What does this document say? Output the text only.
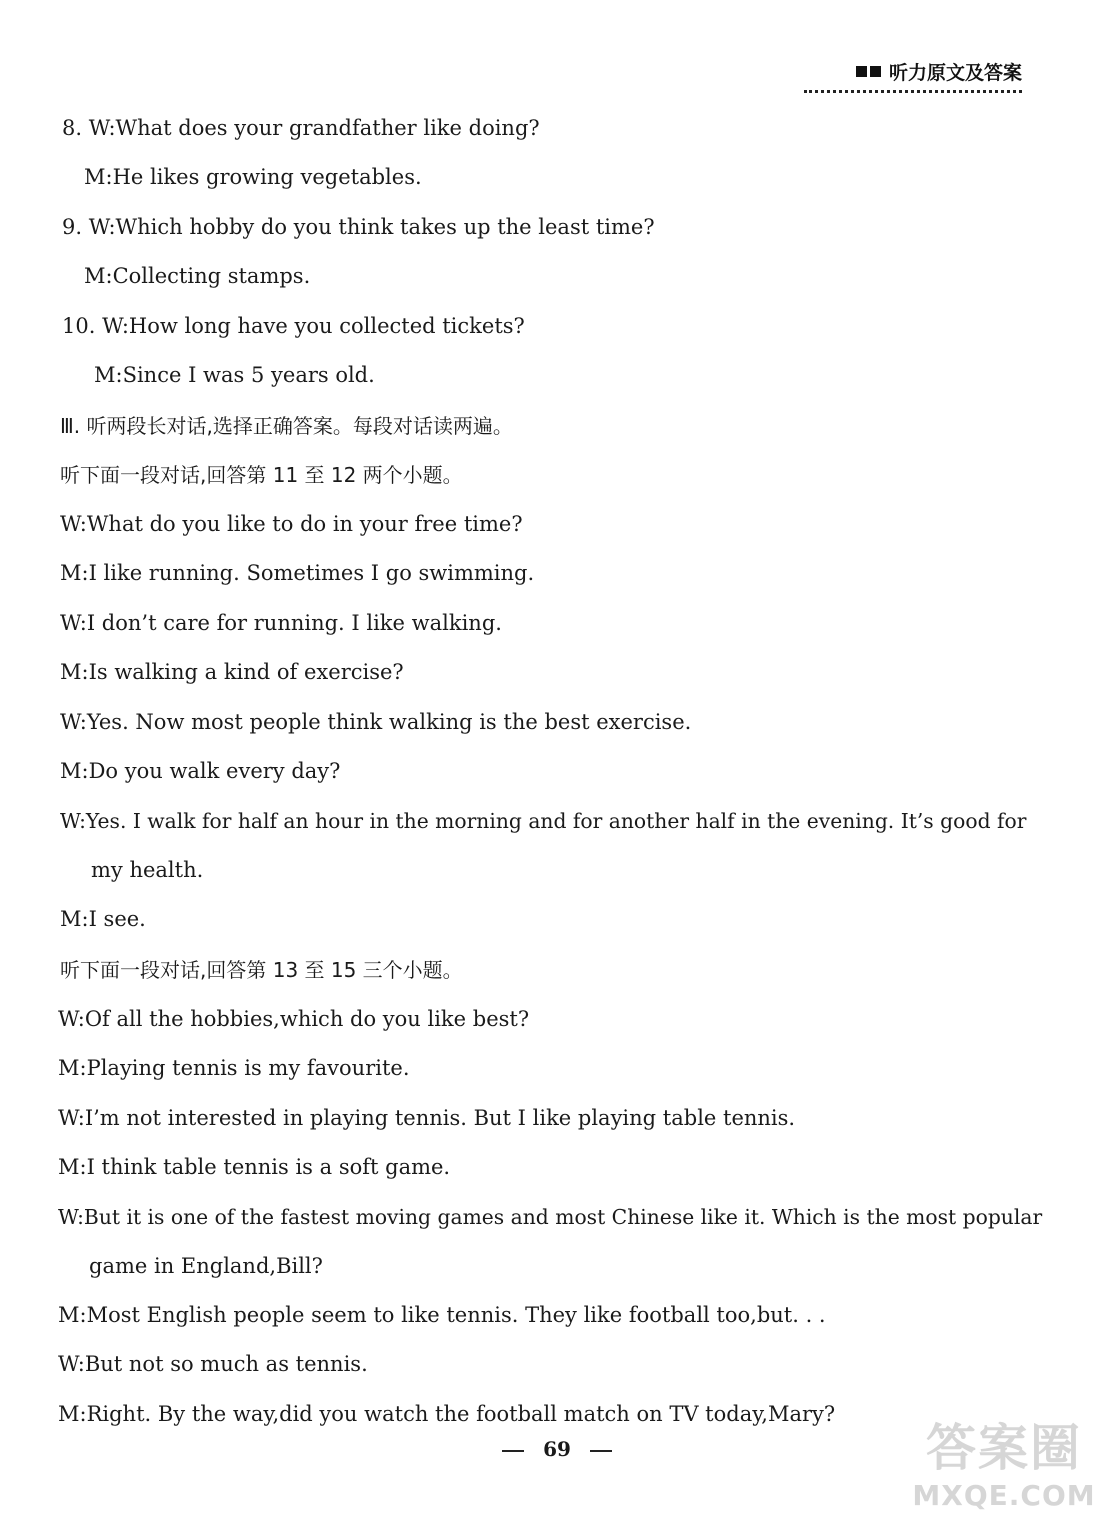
听力原文及答案
8. W:What does your grandfather like doing?
M:He likes growing vegetables.
9. W:Which hobby do you think takes up the least time?
M:Collecting stamps.
10. W:How long have you collected tickets?
M:Since I was 5 years old.
Ⅲ. 听两段长对话,选择正确答案。每段对话读两遍。
听下面一段对话,回答第 11 至 12 两个小题。
W:What do you like to do in your free time?
M:I like running. Sometimes I go swimming.
W:I don’t care for running. I like walking.
M:Is walking a kind of exercise?
W:Yes. Now most people think walking is the best exercise.
M:Do you walk every day?
W:Yes. I walk for half an hour in the morning and for another half in the evening. It’s good for
my health.
M:I see.
听下面一段对话,回答第 13 至 15 三个小题。
W:Of all the hobbies,which do you like best?
M:Playing tennis is my favourite.
W:I’m not interested in playing tennis. But I like playing table tennis.
M:I think table tennis is a soft game.
W:But it is one of the fastest moving games and most Chinese like it. Which is the most popular
game in England,Bill?
M:Most English people seem to like tennis. They like football too,but. . .
W:But not so much as tennis.
M:Right. By the way,did you watch the football match on TV today,Mary?
69	答案圈
MXQE.COM
